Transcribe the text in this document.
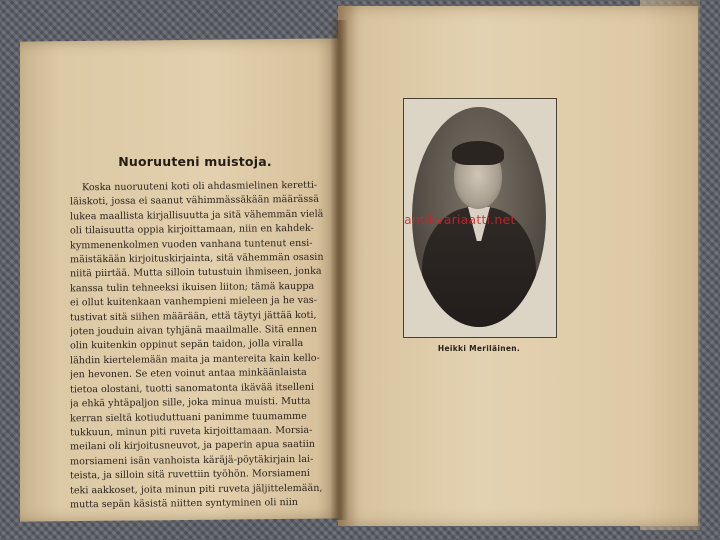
Nuoruuteni muistoja.
Koska nuoruuteni koti oli ahdasmielinen keretti-
läiskoti, jossa ei saanut vähimmässäkään määrässä
lukea maallista kirjallisuutta ja sitä vähemmän vielä
oli tilaisuutta oppia kirjoittamaan, niin en kahdek-
kymmenenkolmen vuoden vanhana tuntenut ensi-
mäistäkään kirjoituskirjainta, sitä vähemmän osasin
niitä piirtää. Mutta silloin tutustuin ihmiseen, jonka
kanssa tulin tehneeksi ikuisen liiton; tämä kauppa
ei ollut kuitenkaan vanhempieni mieleen ja he vas-
tustivat sitä siihen määrään, että täytyi jättää koti,
joten jouduin aivan tyhjänä maailmalle. Sitä ennen
olin kuitenkin oppinut sepän taidon, jolla viralla
lähdin kiertelemään maita ja mantereita kain kello-
jen hevonen. Se eten voinut antaa minkäänlaista
tietoa olostani, tuotti sanomatonta ikävää itselleni
ja ehkä yhtäpaljon sille, joka minua muisti. Mutta
kerran sieltä kotiuduttuani panimme tuumamme
tukkuun, minun piti ruveta kirjoittamaan. Morsia-
meilani oli kirjoitusneuvot, ja paperin apua saatiin
morsiameni isän vanhoista käräjä-pöytäkirjain lai-
teista, ja silloin sitä ruvettiin työhön. Morsiameni
teki aakkoset, joita minun piti ruveta jäljittelemään,
mutta sepän käsistä niitten syntyminen oli niin
antikvariaatti.net
Heikki Meriläinen.
